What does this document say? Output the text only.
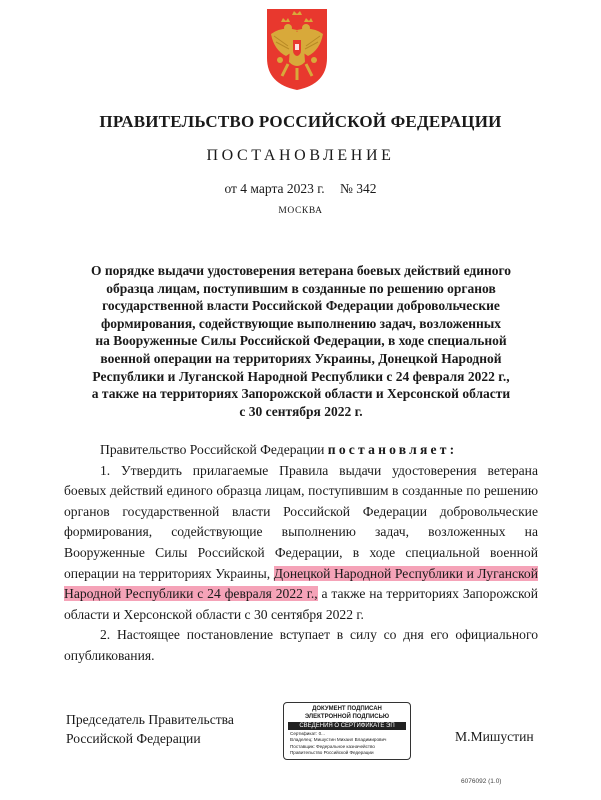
ПРАВИТЕЛЬСТВО РОССИЙСКОЙ ФЕДЕРАЦИИ
ПОСТАНОВЛЕНИЕ
от 4 марта 2023 г. № 342
МОСКВА
О порядке выдачи удостоверения ветерана боевых действий единого
образца лицам, поступившим в созданные по решению органов
государственной власти Российской Федерации добровольческие
формирования, содействующие выполнению задач, возложенных
на Вооруженные Силы Российской Федерации, в ходе специальной
военной операции на территориях Украины, Донецкой Народной
Республики и Луганской Народной Республики с 24 февраля 2022 г.,
а также на территориях Запорожской области и Херсонской области
с 30 сентября 2022 г.

Правительство Российской Федерации постановляет:

1. Утвердить прилагаемые Правила выдачи удостоверения ветерана боевых действий единого образца лицам, поступившим в созданные по решению органов государственной власти Российской Федерации добровольческие формирования, содействующие выполнению задач, возложенных на Вооруженные Силы Российской Федерации, в ходе специальной военной операции на территориях Украины, Донецкой Народной Республики и Луганской Народной Республики с 24 февраля 2022 г., а также на территориях Запорожской области и Херсонской области с 30 сентября 2022 г.

2. Настоящее постановление вступает в силу со дня его официального опубликования.

Председатель Правительства
Российской Федерации
ДОКУМЕНТ ПОДПИСАН
ЭЛЕКТРОННОЙ ПОДПИСЬЮ
СВЕДЕНИЯ О СЕРТИФИКАТЕ ЭП
Сертификат: 0...
Владелец: Мишустин Михаил Владимирович
Поставщик: Федеральное казначейство
Правительство Российской Федерации
М.Мишустин
6076092 (1.0)
